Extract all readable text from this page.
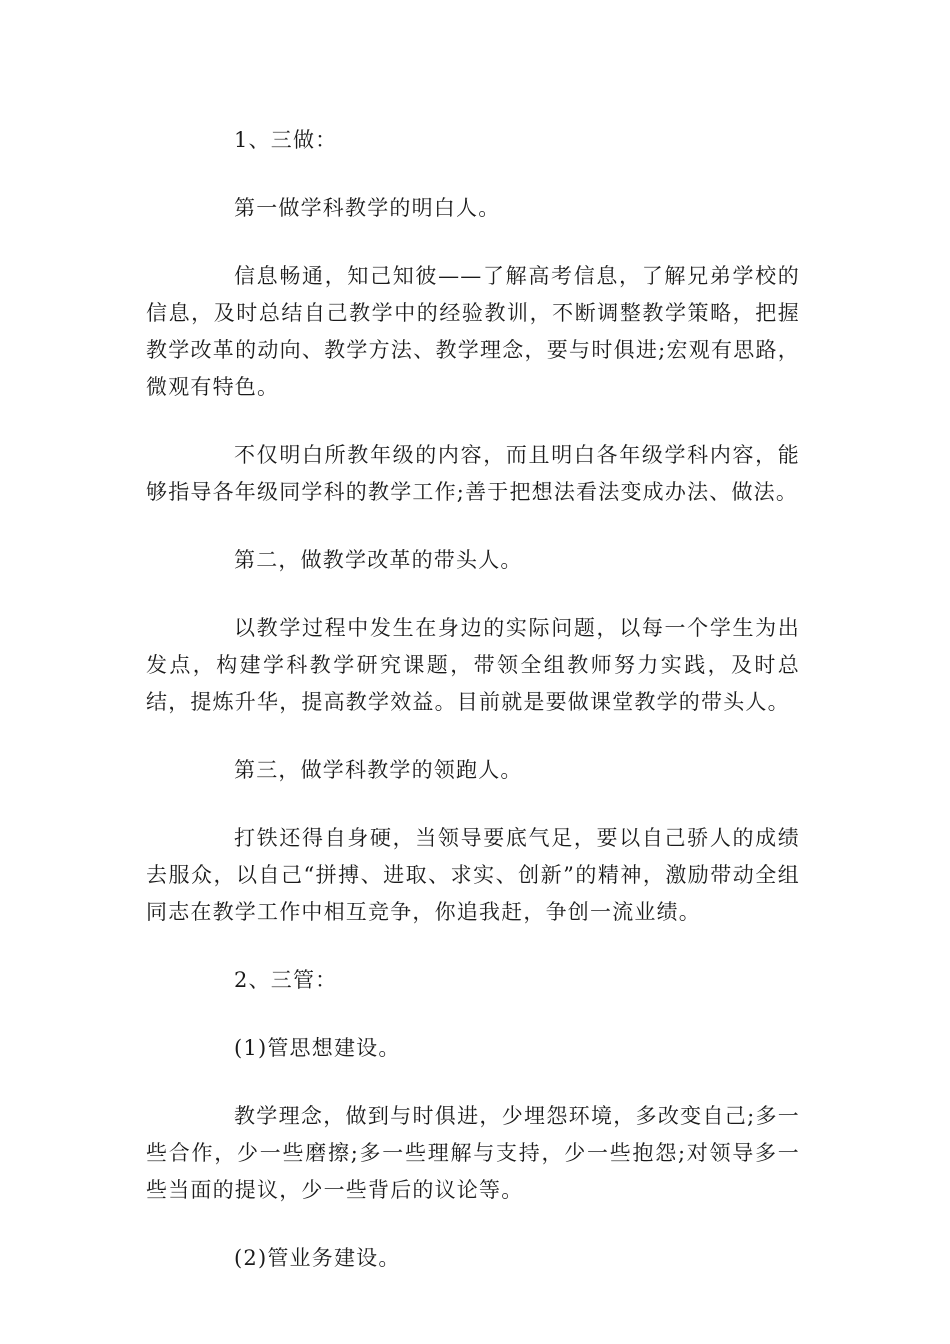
1、三做：

第一做学科教学的明白人。

信息畅通，知己知彼——了解高考信息，了解兄弟学校的信息，及时总结自己教学中的经验教训，不断调整教学策略，把握教学改革的动向、教学方法、教学理念，要与时俱进;宏观有思路，微观有特色。

不仅明白所教年级的内容，而且明白各年级学科内容，能够指导各年级同学科的教学工作;善于把想法看法变成办法、做法。

第二，做教学改革的带头人。

以教学过程中发生在身边的实际问题，以每一个学生为出发点，构建学科教学研究课题，带领全组教师努力实践，及时总结，提炼升华，提高教学效益。目前就是要做课堂教学的带头人。

第三，做学科教学的领跑人。

打铁还得自身硬，当领导要底气足，要以自己骄人的成绩去服众，以自己“拼搏、进取、求实、创新”的精神，激励带动全组同志在教学工作中相互竞争，你追我赶，争创一流业绩。

2、三管：

(1)管思想建设。

教学理念，做到与时俱进，少埋怨环境，多改变自己;多一些合作，少一些磨擦;多一些理解与支持，少一些抱怨;对领导多一些当面的提议，少一些背后的议论等。

(2)管业务建设。
